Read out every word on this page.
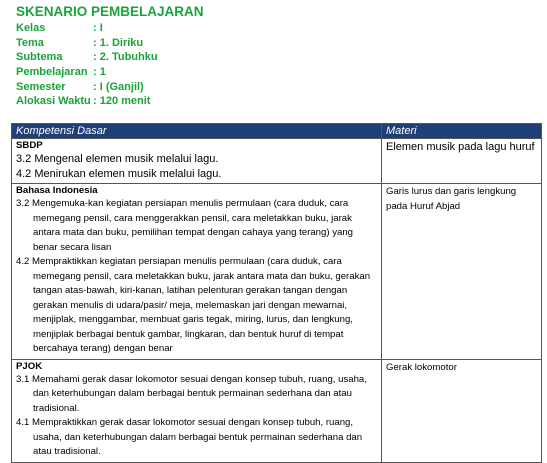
SKENARIO PEMBELAJARAN
Kelas	: I
Tema	: 1. Diriku
Subtema	: 2. Tubuhku
Pembelajaran : 1
Semester : I (Ganjil)
Alokasi Waktu : 120 menit
Kompetensi Dasar	Materi

SBDP
3.2 Mengenal elemen musik melalui lagu.
4.2 Menirukan elemen musik melalui lagu.	Elemen musik pada lagu huruf

Bahasa Indonesia
3.2 Mengemuka-kan kegiatan persiapan menulis permulaan (cara duduk, cara memegang pensil, cara menggerakkan pensil, cara meletakkan buku, jarak antara mata dan buku, pemilihan tempat dengan cahaya yang terang) yang benar secara lisan
4.2 Mempraktikkan kegiatan persiapan menulis permulaan (cara duduk, cara memegang pensil, cara meletakkan buku, jarak antara mata dan buku, gerakan tangan atas-bawah, kiri-kanan, latihan pelenturan gerakan tangan dengan gerakan menulis di udara/pasir/ meja, melemaskan jari dengan mewarnai, menjiplak, menggambar, membuat garis tegak, miring, lurus, dan lengkung, menjiplak berbagai bentuk gambar, lingkaran, dan bentuk huruf di tempat bercahaya terang) dengan benar	Garis lurus dan garis lengkung pada Huruf Abjad

PJOK
3.1 Memahami gerak dasar lokomotor sesuai dengan konsep tubuh, ruang, usaha, dan keterhubungan dalam berbagai bentuk permainan sederhana dan atau tradisional.
4.1 Mempraktikkan gerak dasar lokomotor sesuai dengan konsep tubuh, ruang, usaha, dan keterhubungan dalam berbagai bentuk permainan sederhana dan atau tradisional.	Gerak lokomotor
